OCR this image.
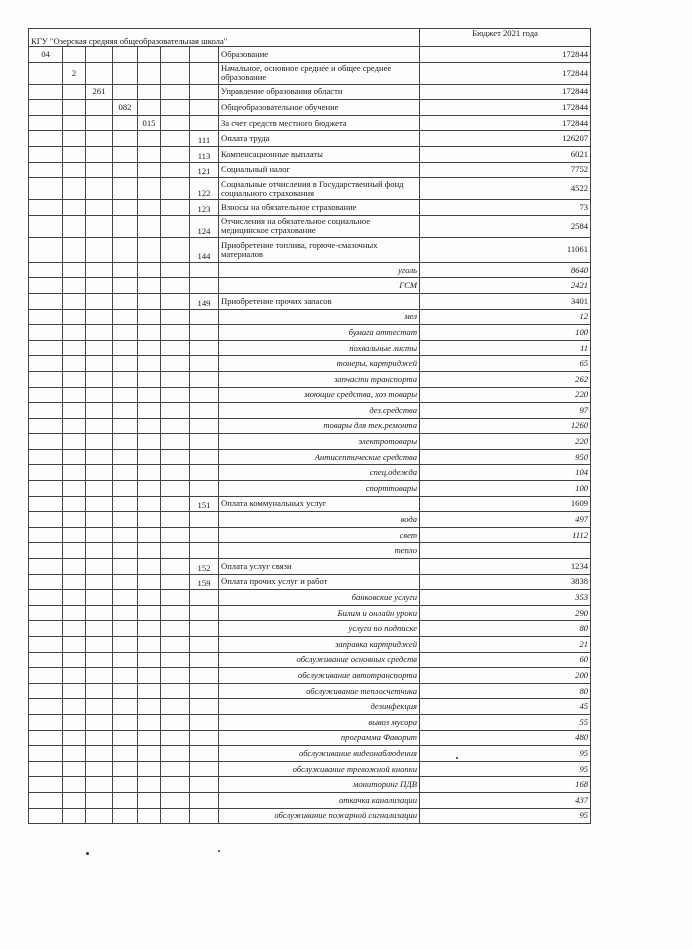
КГУ "Озерская средняя общеобразовательная школа"								Бюджет 2021 года
04							Образование	172844
	2						Начальное, основное среднее и общее среднее образование	172844
		261					Управление образования области	172844
			082				Общеобразовательное обучение	172844
				015			За счет средств местного бюджета	172844
						111	Оплата труда	126207
						113	Компенсационные выплаты	6021
						121	Социальный налог	7752
						122	Социальные отчисления в Государственный фонд социального страхования	4522
						123	Взносы на обязательное страхование	73
						124	Отчисления на обязательное социальное медицинское страхование	2584
						144	Приобретение топлива, горюче-смазочных материалов	11061
							уголь	8640
							ГСМ	2421
						149	Приобретение прочих запасов	3401
							мел	12
							бумага аттестат	100
							похвальные листы	11
							тонеры, картриджей	65
							запчасти транспорта	262
							моющие средства, хоз товары	220
							дез.средства	97
							товары для тек.ремонта	1260
							электротовары	220
							Антисептические средства	950
							спец.одежда	104
							спорттовары	100
						151	Оплата коммунальных услуг	1609
							вода	497
							свет	1112
							тепло	
						152	Оплата услуг связи	1234
						159	Оплата прочих услуг и работ	3838
							банковские услуги	353
							Билим и онлайн уроки	290
							услуги по подписке	80
							заправка картриджей	21
							обслуживание основных средств	60
							обслуживание автотранспорта	200
							обслуживание теплосчетчика	80
							дезинфекция	45
							вывоз мусора	55
							программа Фаворит	480
							обслуживание видеонаблюдения	95
							обслуживание тревожной кнопки	95
							мониторинг ПДВ	168
							откачка канализации	437
							обслуживание пожарной сигнализации	95
